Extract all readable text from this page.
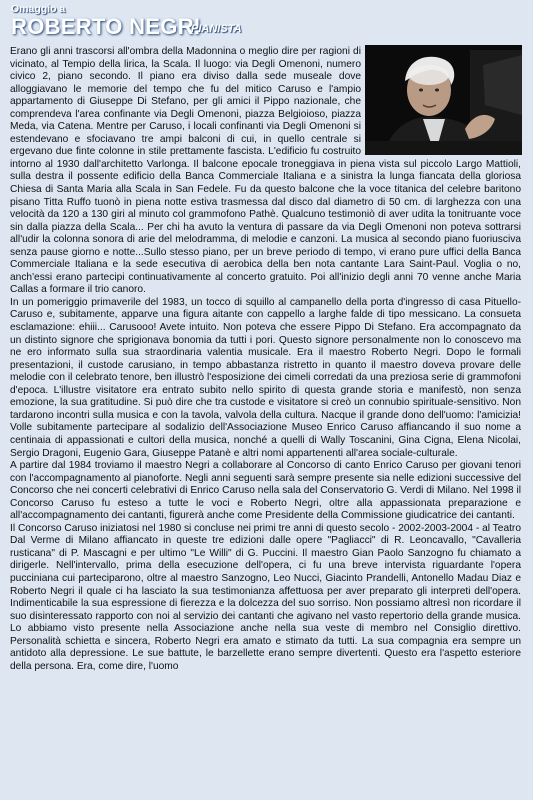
Omaggio a
ROBERTO NEGRI
PIANISTA

Erano gli anni trascorsi all'ombra della Madonnina o meglio dire per ragioni di vicinato, al Tempio della lirica, la Scala. Il luogo: via Degli Omenoni, numero civico 2, piano secondo. Il piano era diviso dalla sede museale dove alloggiavano le memorie del tempo che fu del mitico Caruso e l'ampio appartamento di Giuseppe Di Stefano, per gli amici il Pippo nazionale, che comprendeva l'area confinante via Degli Omenoni, piazza Belgioioso, piazza Meda, via Catena. Mentre per Caruso, i locali confinanti via Degli Omenoni si estendevano e sfociavano tre ampi balconi di cui, in quello centrale si ergevano due finte colonne in stile prettamente fascista. L'edificio fu costruito intorno al 1930 dall'architetto Varlonga. Il balcone epocale troneggiava in piena vista sul piccolo Largo Mattioli, sulla destra il possente edificio della Banca Commerciale Italiana e a sinistra la lunga fiancata della gloriosa Chiesa di Santa Maria alla Scala in San Fedele. Fu da questo balcone che la voce titanica del celebre baritono pisano Titta Ruffo tuonò in piena notte estiva trasmessa dal disco dal diametro di 50 cm. di larghezza con una velocità da 120 a 130 giri al minuto col grammofono Pathè. Qualcuno testimoniò di aver udita la tonitruante voce sin dalla piazza della Scala... Per chi ha avuto la ventura di passare da via Degli Omenoni non poteva sottrarsi all'udir la colonna sonora di arie del melodramma, di melodie e canzoni. La musica al secondo piano fuoriusciva senza pause giorno e notte...Sullo stesso piano, per un breve periodo di tempo, vi erano pure uffici della Banca Commerciale Italiana e la sede esecutiva di aerobica della ben nota cantante Lara Saint-Paul. Voglia o no, anch'essi erano partecipi continuativamente al concerto gratuito. Poi all'inizio degli anni 70 venne anche Maria Callas a formare il trio canoro.

In un pomeriggio primaverile del 1983, un tocco di squillo al campanello della porta d'ingresso di casa Pituello-Caruso e, subitamente, apparve una figura aitante con cappello a larghe falde di tipo messicano. La consueta esclamazione: ehiii... Carusooo! Avete intuito. Non poteva che essere Pippo Di Stefano. Era accompagnato da un distinto signore che sprigionava bonomia da tutti i pori. Questo signore personalmente non lo conoscevo ma ne ero informato sulla sua straordinaria valentia musicale. Era il maestro Roberto Negri. Dopo le formali presentazioni, il custode carusiano, in tempo abbastanza ristretto in quanto il maestro doveva provare delle melodie con il celebrato tenore, ben illustrò l'esposizione dei cimeli corredati da una preziosa serie di grammofoni d'epoca. L'illustre visitatore era entrato subito nello spirito di questa grande storia e manifestò, non senza emozione, la sua gratitudine. Si può dire che tra custode e visitatore si creò un connubio spirituale-sensitivo. Non tardarono incontri sulla musica e con la tavola, valvola della cultura. Nacque il grande dono dell'uomo: l'amicizia! Volle subitamente partecipare al sodalizio dell'Associazione Museo Enrico Caruso affiancando il suo nome a centinaia di appassionati e cultori della musica, nonché a quelli di Wally Toscanini, Gina Cigna, Elena Nicolai, Sergio Dragoni, Eugenio Gara, Giuseppe Patanè e altri nomi appartenenti all'area sociale-culturale.

A partire dal 1984 troviamo il maestro Negri a collaborare al Concorso di canto Enrico Caruso per giovani tenori con l'accompagnamento al pianoforte. Negli anni seguenti sarà sempre presente sia nelle edizioni successive del Concorso che nei concerti celebrativi di Enrico Caruso nella sala del Conservatorio G. Verdi di Milano. Nel 1998 il Concorso Caruso fu esteso a tutte le voci e Roberto Negri, oltre alla appassionata preparazione e all'accompagnamento dei cantanti, figurerà anche come Presidente della Commissione giudicatrice dei cantanti.

Il Concorso Caruso iniziatosi nel 1980 si concluse nei primi tre anni di questo secolo - 2002-2003-2004 - al Teatro Dal Verme di Milano affiancato in queste tre edizioni dalle opere "Pagliacci" di R. Leoncavallo, "Cavalleria rusticana" di P. Mascagni e per ultimo "Le Willi" di G. Puccini. Il maestro Gian Paolo Sanzogno fu chiamato a dirigerle. Nell'intervallo, prima della esecuzione dell'opera, ci fu una breve intervista riguardante l'opera pucciniana cui parteciparono, oltre al maestro Sanzogno, Leo Nucci, Giacinto Prandelli, Antonello Madau Diaz e Roberto Negri il quale ci ha lasciato la sua testimonianza affettuosa per aver preparato gli interpreti dell'opera. Indimenticabile la sua espressione di fierezza e la dolcezza del suo sorriso. Non possiamo altresì non ricordare il suo disinteressato rapporto con noi al servizio dei cantanti che agivano nel vasto repertorio della grande musica. Lo abbiamo visto presente nella Associazione anche nella sua veste di membro nel Consiglio direttivo. Personalità schietta e sincera, Roberto Negri era amato e stimato da tutti. La sua compagnia era sempre un antidoto alla depressione. Le sue battute, le barzellette erano sempre divertenti. Questo era l'aspetto esteriore della persona. Era, come dire, l'uomo
